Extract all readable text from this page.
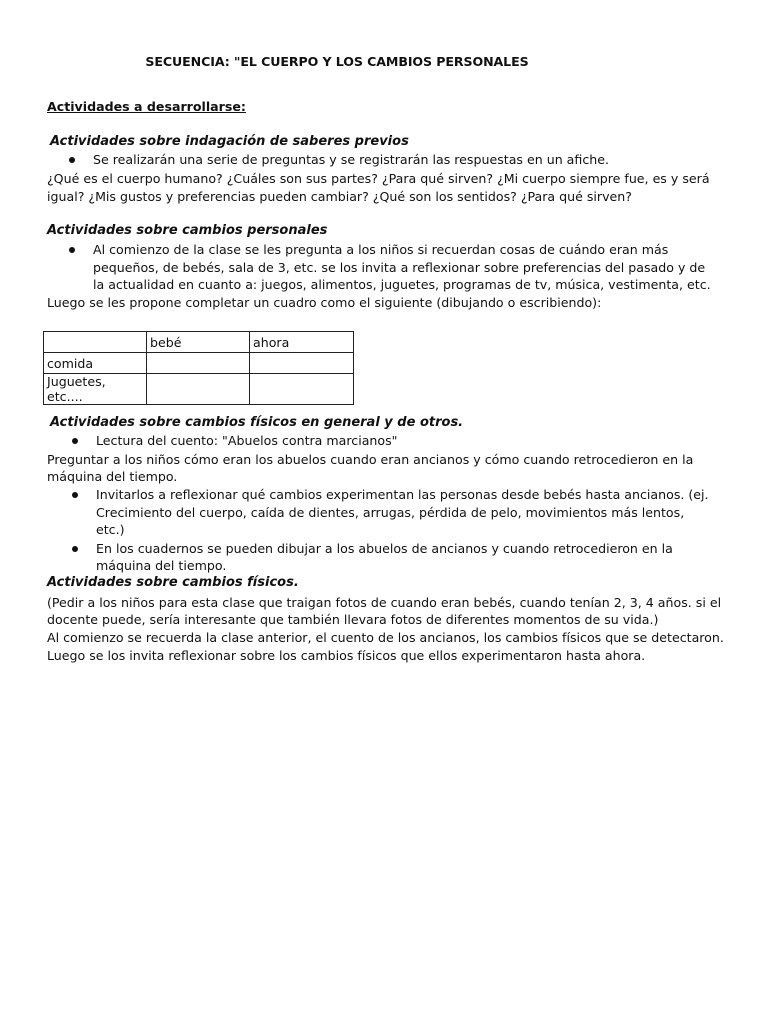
SECUENCIA: "EL CUERPO Y LOS CAMBIOS PERSONALES
Actividades a desarrollarse:
Actividades sobre indagación de saberes previos
Se realizarán una serie de preguntas y se registrarán las respuestas en un afiche.
¿Qué es el cuerpo humano? ¿Cuáles son sus partes? ¿Para qué sirven? ¿Mi cuerpo siempre fue, es y será
igual? ¿Mis gustos y preferencias pueden cambiar? ¿Qué son los sentidos? ¿Para qué sirven?
Actividades sobre cambios personales
Al comienzo de la clase se les pregunta a los niños si recuerdan cosas de cuándo eran más
pequeños, de bebés, sala de 3, etc. se los invita a reflexionar sobre preferencias del pasado y de
la actualidad en cuanto a: juegos, alimentos, juguetes, programas de tv, música, vestimenta, etc.
Luego se les propone completar un cuadro como el siguiente (dibujando o escribiendo):
	bebé	ahora
comida		
Juguetes, etc....		
Actividades sobre cambios físicos en general y de otros.
Lectura del cuento: "Abuelos contra marcianos"
Preguntar a los niños cómo eran los abuelos cuando eran ancianos y cómo cuando retrocedieron en la
máquina del tiempo.
Invitarlos a reflexionar qué cambios experimentan las personas desde bebés hasta ancianos. (ej.
Crecimiento del cuerpo, caída de dientes, arrugas, pérdida de pelo, movimientos más lentos,
etc.)
En los cuadernos se pueden dibujar a los abuelos de ancianos y cuando retrocedieron en la
máquina del tiempo.
Actividades sobre cambios físicos.
(Pedir a los niños para esta clase que traigan fotos de cuando eran bebés, cuando tenían 2, 3, 4 años. si el
docente puede, sería interesante que también llevara fotos de diferentes momentos de su vida.)
Al comienzo se recuerda la clase anterior, el cuento de los ancianos, los cambios físicos que se detectaron.
Luego se los invita reflexionar sobre los cambios físicos que ellos experimentaron hasta ahora.
